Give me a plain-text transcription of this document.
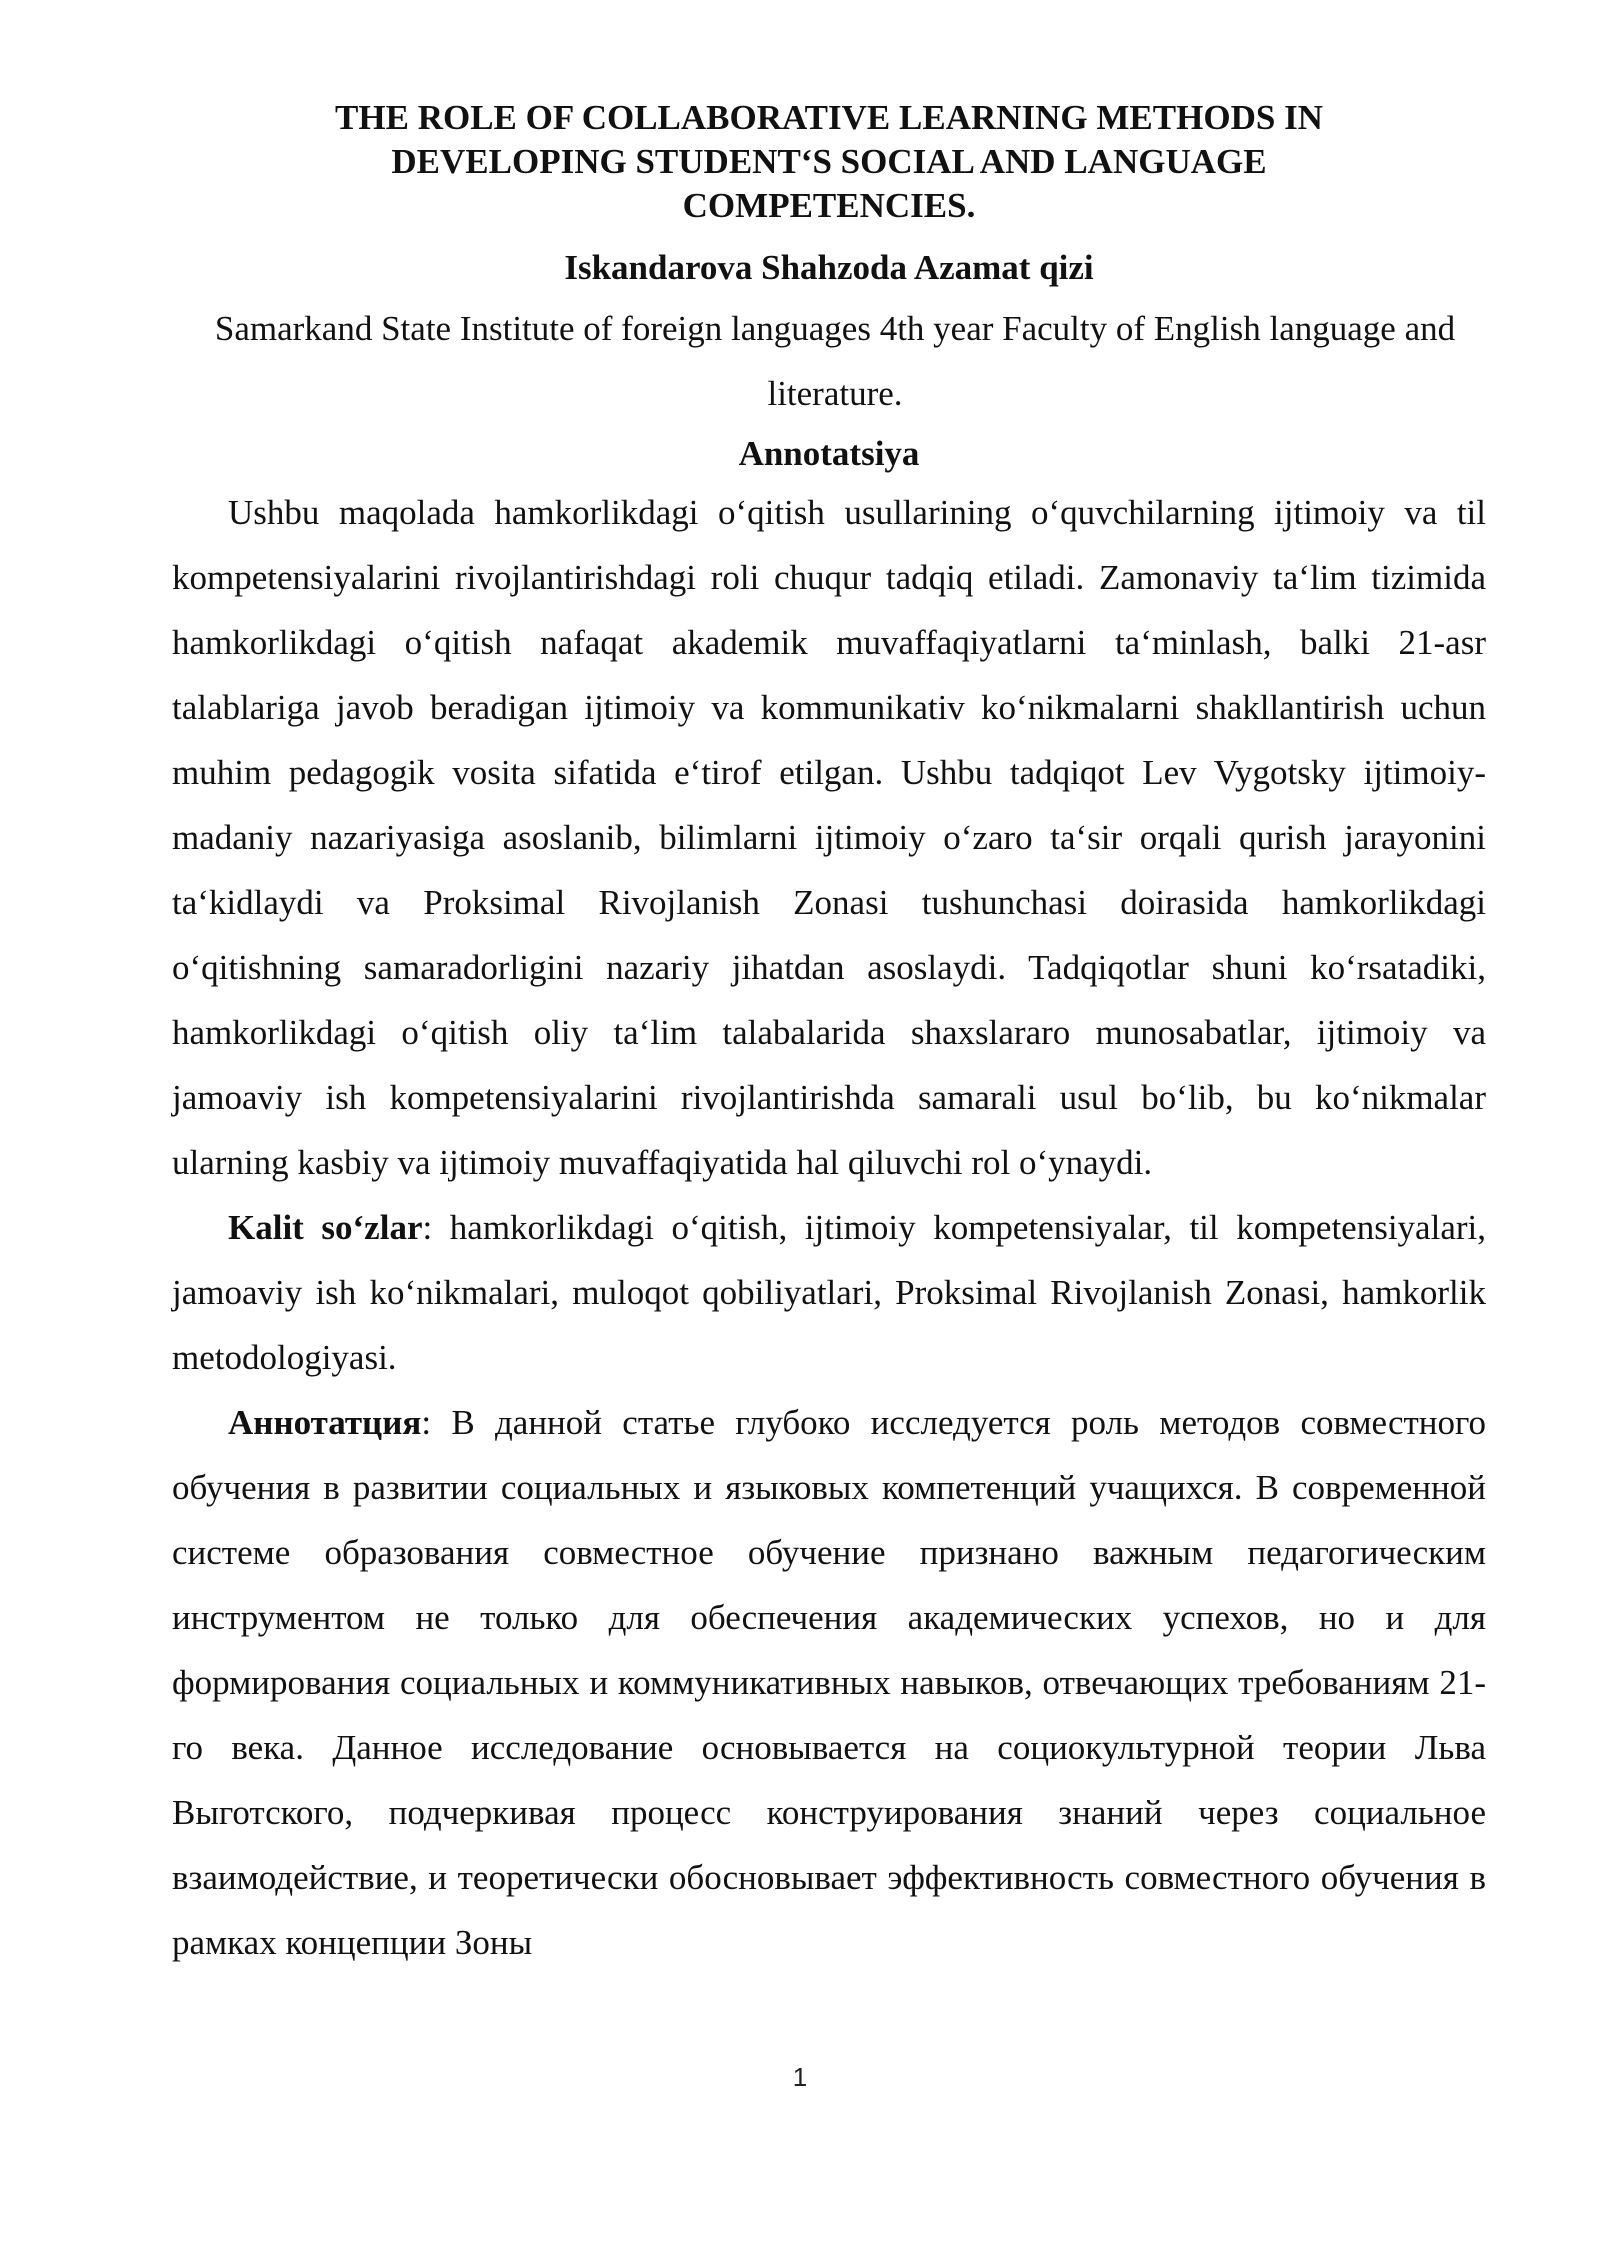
THE ROLE OF COLLABORATIVE LEARNING METHODS IN DEVELOPING STUDENT‘S SOCIAL AND LANGUAGE COMPETENCIES.
Iskandarova Shahzoda Azamat qizi
Samarkand State Institute of foreign languages 4th year Faculty of English language and literature.
Annotatsiya

Ushbu maqolada hamkorlikdagi o‘qitish usullarining o‘quvchilarning ijtimoiy va til kompetensiyalarini rivojlantirishdagi roli chuqur tadqiq etiladi. Zamonaviy ta‘lim tizimida hamkorlikdagi o‘qitish nafaqat akademik muvaffaqiyatlarni ta‘minlash, balki 21-asr talablariga javob beradigan ijtimoiy va kommunikativ ko‘nikmalarni shakllantirish uchun muhim pedagogik vosita sifatida e‘tirof etilgan. Ushbu tadqiqot Lev Vygotsky ijtimoiy-madaniy nazariyasiga asoslanib, bilimlarni ijtimoiy o‘zaro ta‘sir orqali qurish jarayonini ta‘kidlaydi va Proksimal Rivojlanish Zonasi tushunchasi doirasida hamkorlikdagi o‘qitishning samaradorligini nazariy jihatdan asoslaydi. Tadqiqotlar shuni ko‘rsatadiki, hamkorlikdagi o‘qitish oliy ta‘lim talabalarida shaxslararo munosabatlar, ijtimoiy va jamoaviy ish kompetensiyalarini rivojlantirishda samarali usul bo‘lib, bu ko‘nikmalar ularning kasbiy va ijtimoiy muvaffaqiyatida hal qiluvchi rol o‘ynaydi.

Kalit so‘zlar: hamkorlikdagi o‘qitish, ijtimoiy kompetensiyalar, til kompetensiyalari, jamoaviy ish ko‘nikmalari, muloqot qobiliyatlari, Proksimal Rivojlanish Zonasi, hamkorlik metodologiyasi.

Аннотатция: В данной статье глубоко исследуется роль методов совместного обучения в развитии социальных и языковых компетенций учащихся. В современной системе образования совместное обучение признано важным педагогическим инструментом не только для обеспечения академических успехов, но и для формирования социальных и коммуникативных навыков, отвечающих требованиям 21-го века. Данное исследование основывается на социокультурной теории Льва Выготского, подчеркивая процесс конструирования знаний через социальное взаимодействие, и теоретически обосновывает эффективность совместного обучения в рамках концепции Зоны

1
